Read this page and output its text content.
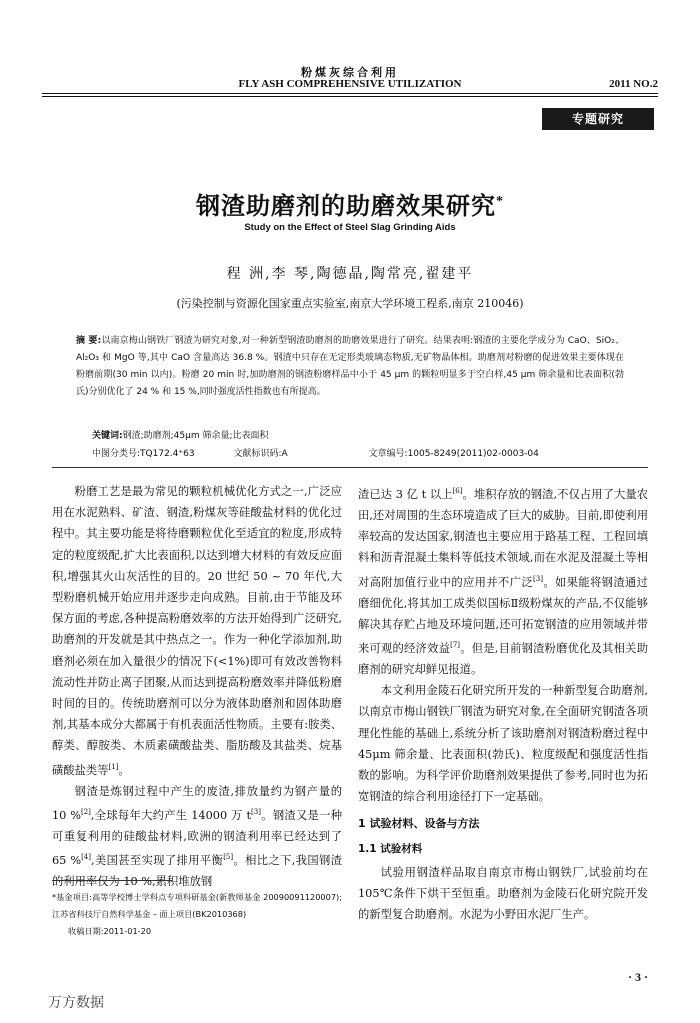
粉煤灰综合利用
FLY ASH COMPREHENSIVE UTILIZATION	2011 NO.2
专题研究
钢渣助磨剂的助磨效果研究*
Study on the Effect of Steel Slag Grinding Aids
程 洲,李 琴,陶德晶,陶常亮,翟建平
(污染控制与资源化国家重点实验室,南京大学环境工程系,南京 210046)
摘 要:以南京梅山钢铁厂钢渣为研究对象,对一种新型钢渣助磨剂的助磨效果进行了研究。结果表明:钢渣的主要化学成分为 CaO、SiO₂、Al₂O₃ 和 MgO 等,其中 CaO 含量高达 36.8 %。钢渣中只存在无定形类玻璃态物质,无矿物晶体相。助磨剂对粉磨的促进效果主要体现在粉磨前期(30 min 以内)。粉磨 20 min 时,加助磨剂的钢渣粉磨样品中小于 45 μm 的颗粒明显多于空白样,45 μm 筛余量和比表面积(勃氏)分别优化了 24 % 和 15 %,同时强度活性指数也有所提高。
关键词:钢渣;助磨剂;45μm 筛余量;比表面积
中图分类号:TQ172.4⁺63	文献标识码:A	文章编号:1005-8249(2011)02-0003-04

粉磨工艺是最为常见的颗粒机械优化方式之一,广泛应用在水泥熟料、矿渣、钢渣,粉煤灰等硅酸盐材料的优化过程中。其主要功能是将待磨颗粒优化至适宜的粒度,形成特定的粒度级配,扩大比表面积,以达到增大材料的有效反应面积,增强其火山灰活性的目的。20 世纪 50 ~ 70 年代,大型粉磨机械开始应用并逐步走向成熟。目前,由于节能及环保方面的考虑,各种提高粉磨效率的方法开始得到广泛研究,助磨剂的开发就是其中热点之一。作为一种化学添加剂,助磨剂必须在加入量很少的情况下(<1%)即可有效改善物料流动性并防止离子团聚,从而达到提高粉磨效率并降低粉磨时间的目的。传统助磨剂可以分为液体助磨剂和固体助磨剂,其基本成分大都属于有机表面活性物质。主要有:胺类、醇类、醇胺类、木质素磺酸盐类、脂肪酸及其盐类、烷基磺酸盐类等[1]。

钢渣是炼钢过程中产生的废渣,排放量约为钢产量的 10 %[2],全球每年大约产生 14000 万 t[3]。钢渣又是一种可重复利用的硅酸盐材料,欧洲的钢渣利用率已经达到了 65 %[4],美国甚至实现了排用平衡[5]。相比之下,我国钢渣的利用率仅为 10 %,累积堆放钢

渣已达 3 亿 t 以上[6]。堆积存放的钢渣,不仅占用了大量农田,还对周围的生态环境造成了巨大的威胁。目前,即使利用率较高的发达国家,钢渣也主要应用于路基工程、工程回填料和沥青混凝土集料等低技术领域,而在水泥及混凝土等相对高附加值行业中的应用并不广泛[3]。如果能将钢渣通过磨细优化,将其加工成类似国标Ⅱ级粉煤灰的产品,不仅能够解决其存贮占地及环境问题,还可拓宽钢渣的应用领域并带来可观的经济效益[7]。但是,目前钢渣粉磨优化及其相关助磨剂的研究却鲜见报道。

本文利用金陵石化研究所开发的一种新型复合助磨剂,以南京市梅山钢铁厂钢渣为研究对象,在全面研究钢渣各项理化性能的基础上,系统分析了该助磨剂对钢渣粉磨过程中45μm 筛余量、比表面积(勃氏)、粒度级配和强度活性指数的影响。为科学评价助磨剂效果提供了参考,同时也为拓宽钢渣的综合利用途径打下一定基础。

1 试验材料、设备与方法
1.1 试验材料

试验用钢渣样品取自南京市梅山钢铁厂,试验前均在105℃条件下烘干至恒重。助磨剂为金陵石化研究院开发的新型复合助磨剂。水泥为小野田水泥厂生产。

*基金项目:高等学校博士学科点专项科研基金(新教师基金 20090091120007);江苏省科技厅自然科学基金 – 面上项目(BK2010368)

收稿日期:2011-01-20

· 3 ·
万方数据
